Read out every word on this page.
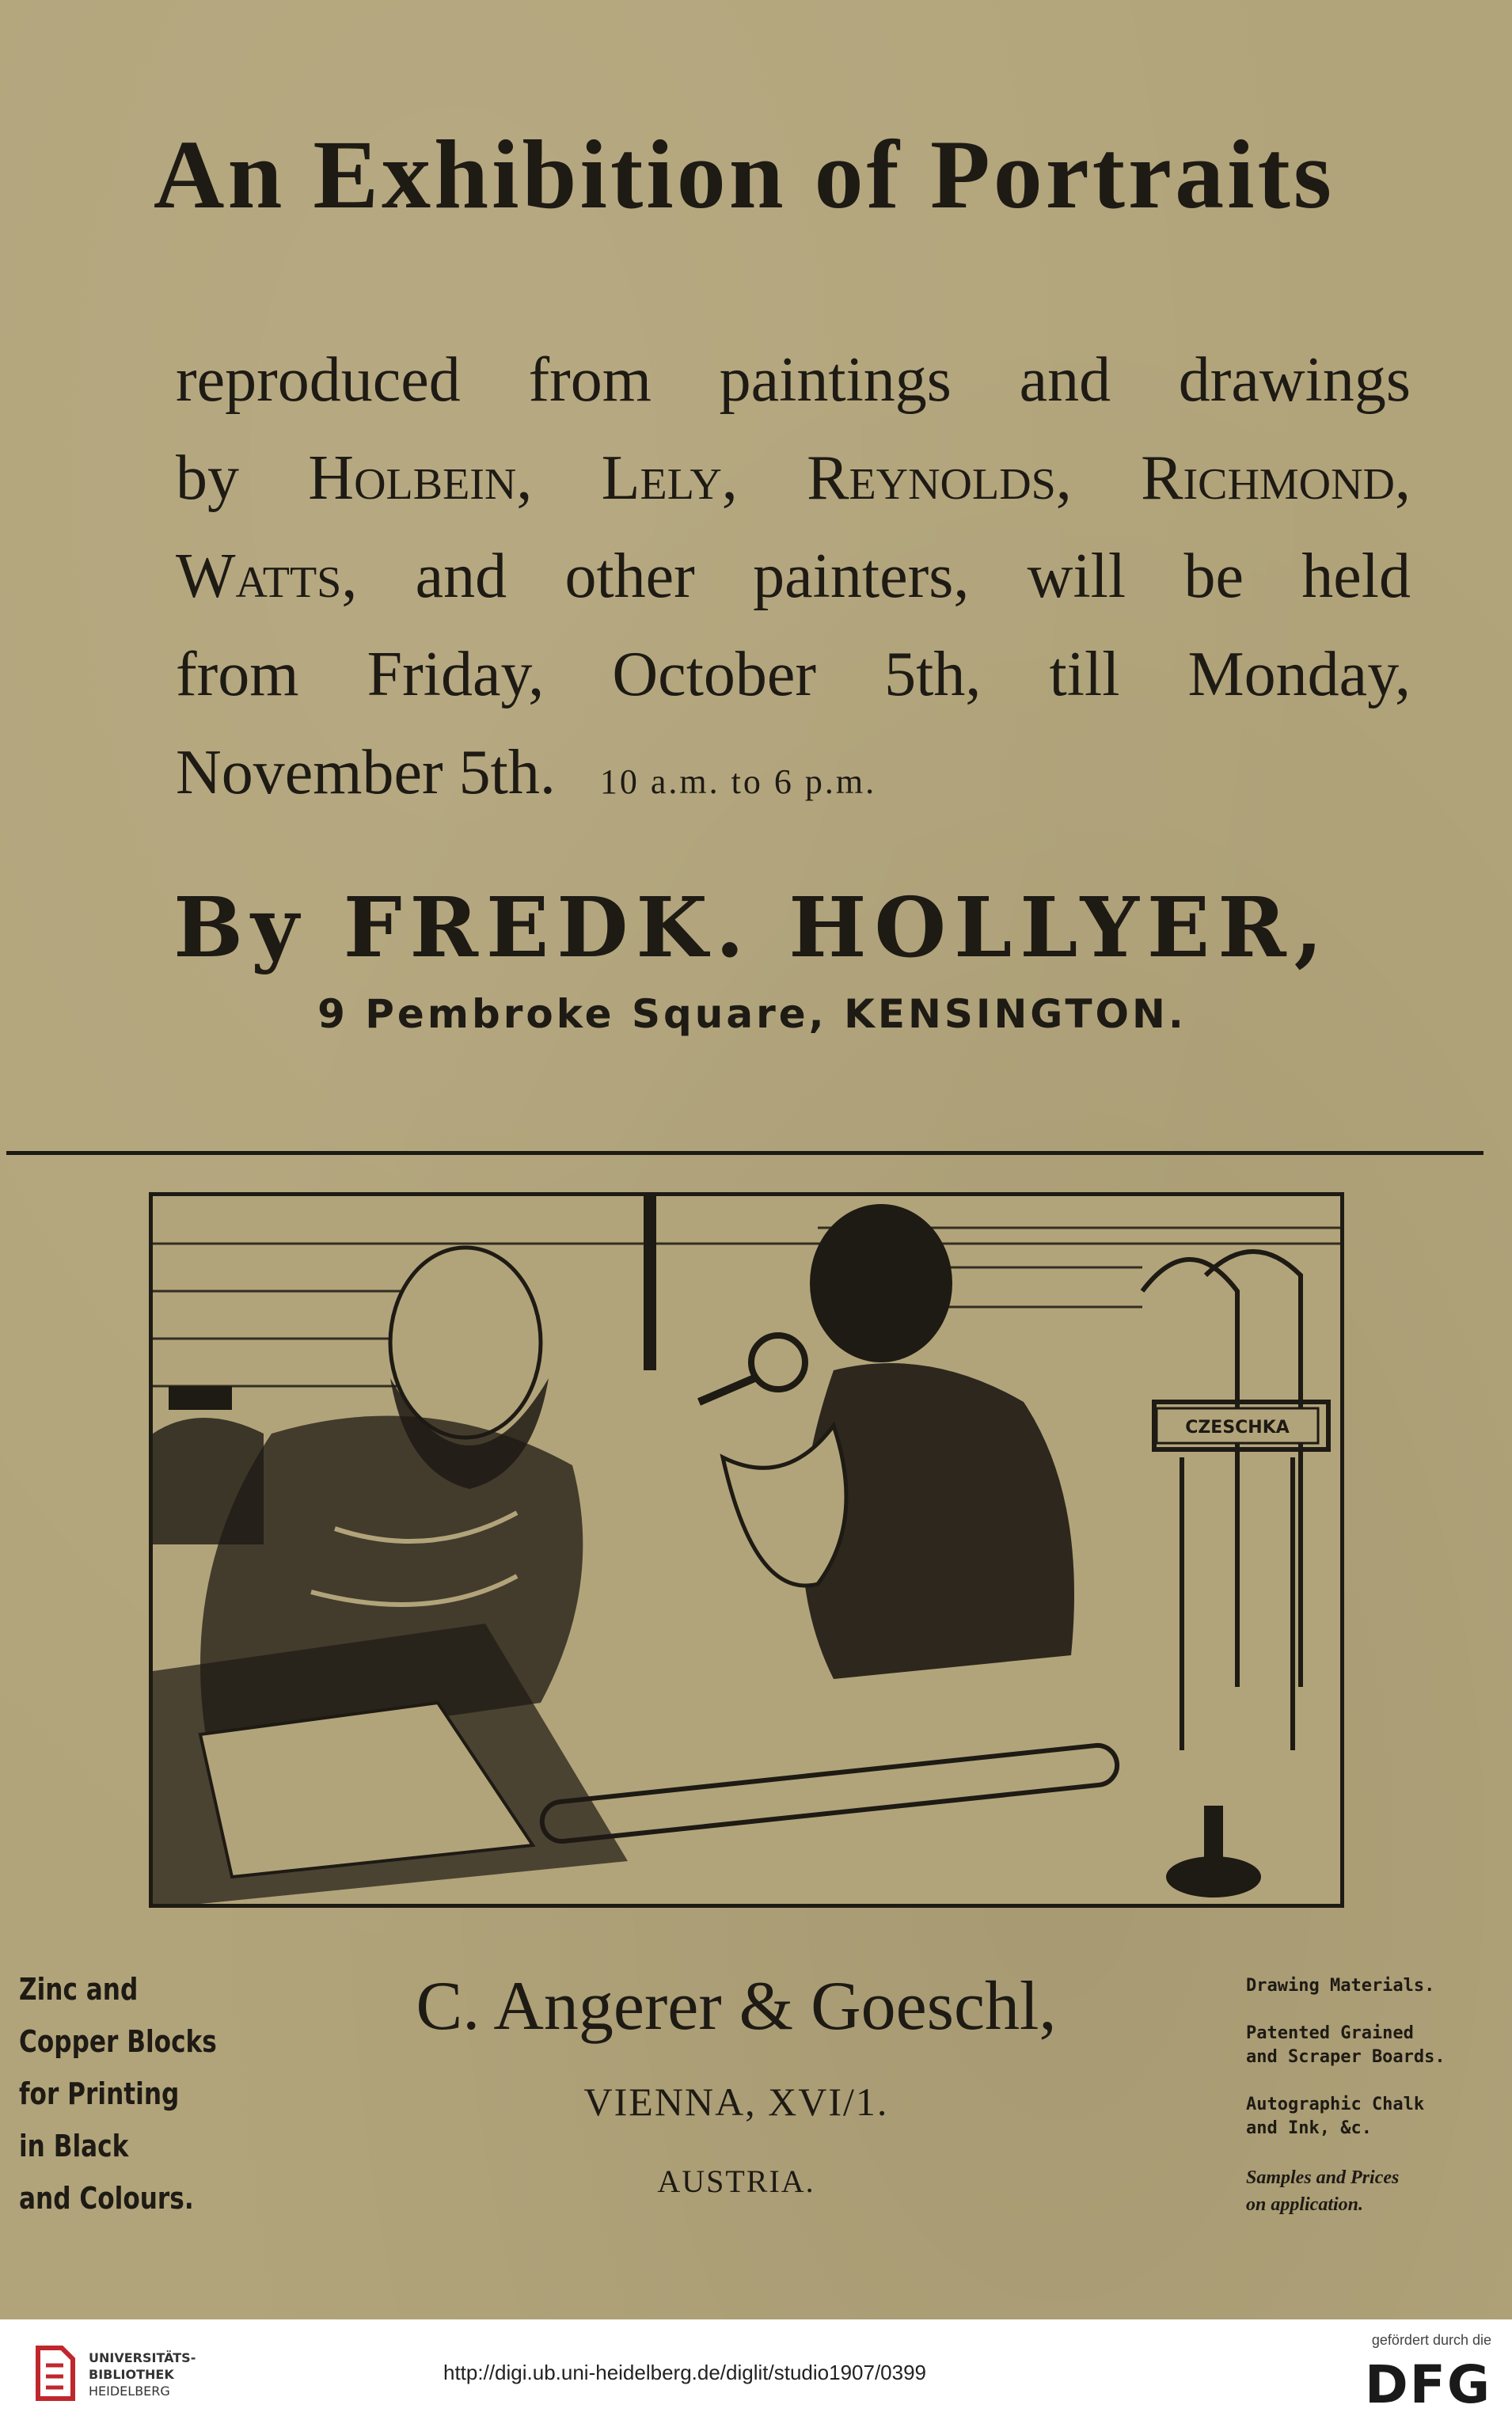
An Exhibition of Portraits
reproduced from paintings and drawings
by Holbein, Lely, Reynolds, Richmond,
Watts, and other painters, will be held
from Friday, October 5th, till Monday,
November 5th. 10 a.m. to 6 p.m.
By FREDK. HOLLYER,
9 Pembroke Square, KENSINGTON.
CZESCHKA
Zinc and
Copper Blocks
for Printing
in Black
and Colours.
C. Angerer & Goeschl,
VIENNA, XVI/1.
AUSTRIA.
Drawing Materials.
Patented Grained
and Scraper Boards.
Autographic Chalk
and Ink, &c.
Samples and Prices
on application.
UNIVERSITÄTS-
BIBLIOTHEK
HEIDELBERG
http://digi.ub.uni-heidelberg.de/diglit/studio1907/0399
gefördert durch die
DFG
